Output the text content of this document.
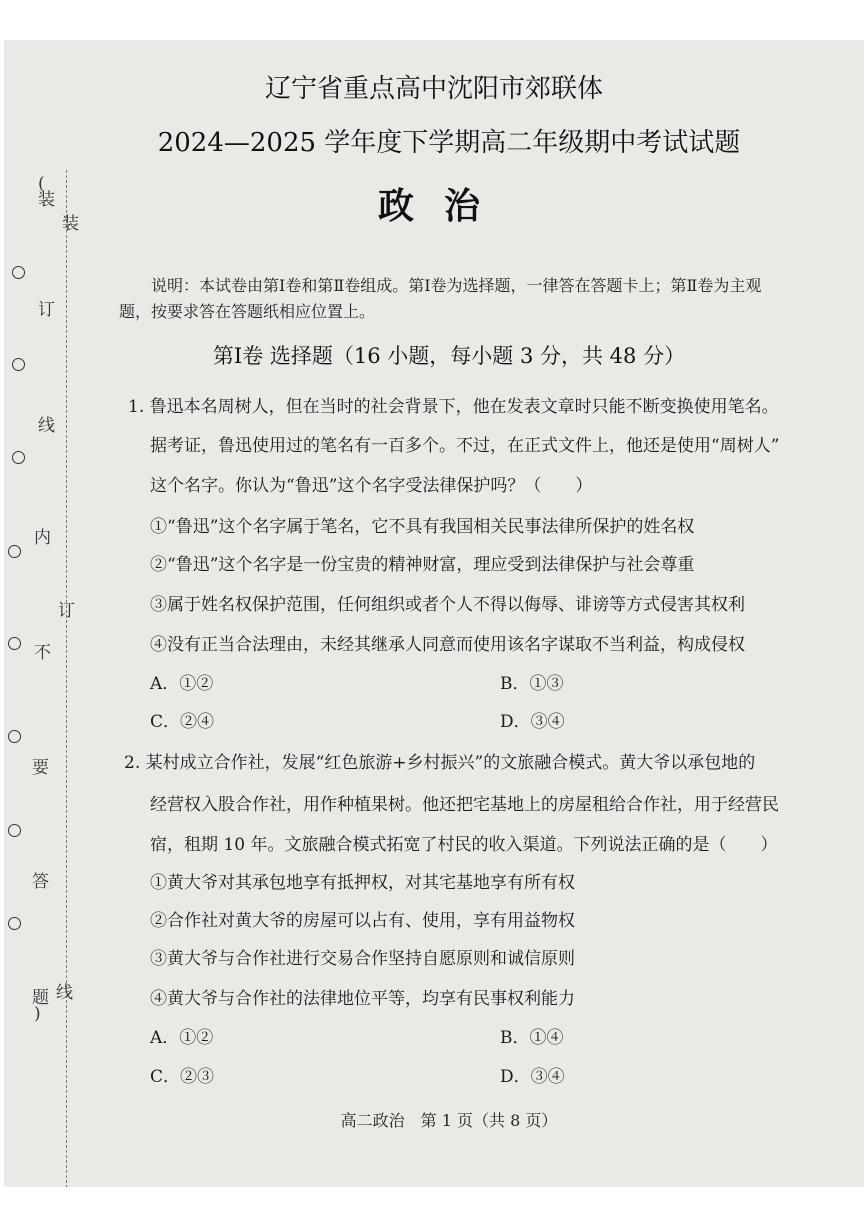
(
装
装
订
线
内
订
不
要
答
线
题
)
辽宁省重点高中沈阳市郊联体
2024—2025 学年度下学期高二年级期中考试试题
政治
说明：本试卷由第Ⅰ卷和第Ⅱ卷组成。第Ⅰ卷为选择题，一律答在答题卡上；第Ⅱ卷为主观题，按要求答在答题纸相应位置上。
第Ⅰ卷 选择题（16 小题，每小题 3 分，共 48 分）
1. 鲁迅本名周树人，但在当时的社会背景下，他在发表文章时只能不断变换使用笔名。
据考证，鲁迅使用过的笔名有一百多个。不过，在正式文件上，他还是使用“周树人”
这个名字。你认为“鲁迅”这个名字受法律保护吗？（　　）
①“鲁迅”这个名字属于笔名，它不具有我国相关民事法律所保护的姓名权
②“鲁迅”这个名字是一份宝贵的精神财富，理应受到法律保护与社会尊重
③属于姓名权保护范围，任何组织或者个人不得以侮辱、诽谤等方式侵害其权利
④没有正当合法理由，未经其继承人同意而使用该名字谋取不当利益，构成侵权
A．①②	B．①③
C．②④	D．③④
2. 某村成立合作社，发展“红色旅游+乡村振兴”的文旅融合模式。黄大爷以承包地的
经营权入股合作社，用作种植果树。他还把宅基地上的房屋租给合作社，用于经营民
宿，租期 10 年。文旅融合模式拓宽了村民的收入渠道。下列说法正确的是（　　）
①黄大爷对其承包地享有抵押权，对其宅基地享有所有权
②合作社对黄大爷的房屋可以占有、使用，享有用益物权
③黄大爷与合作社进行交易合作坚持自愿原则和诚信原则
④黄大爷与合作社的法律地位平等，均享有民事权利能力
A．①②	B．①④
C．②③	D．③④
高二政治　第 1 页（共 8 页）
